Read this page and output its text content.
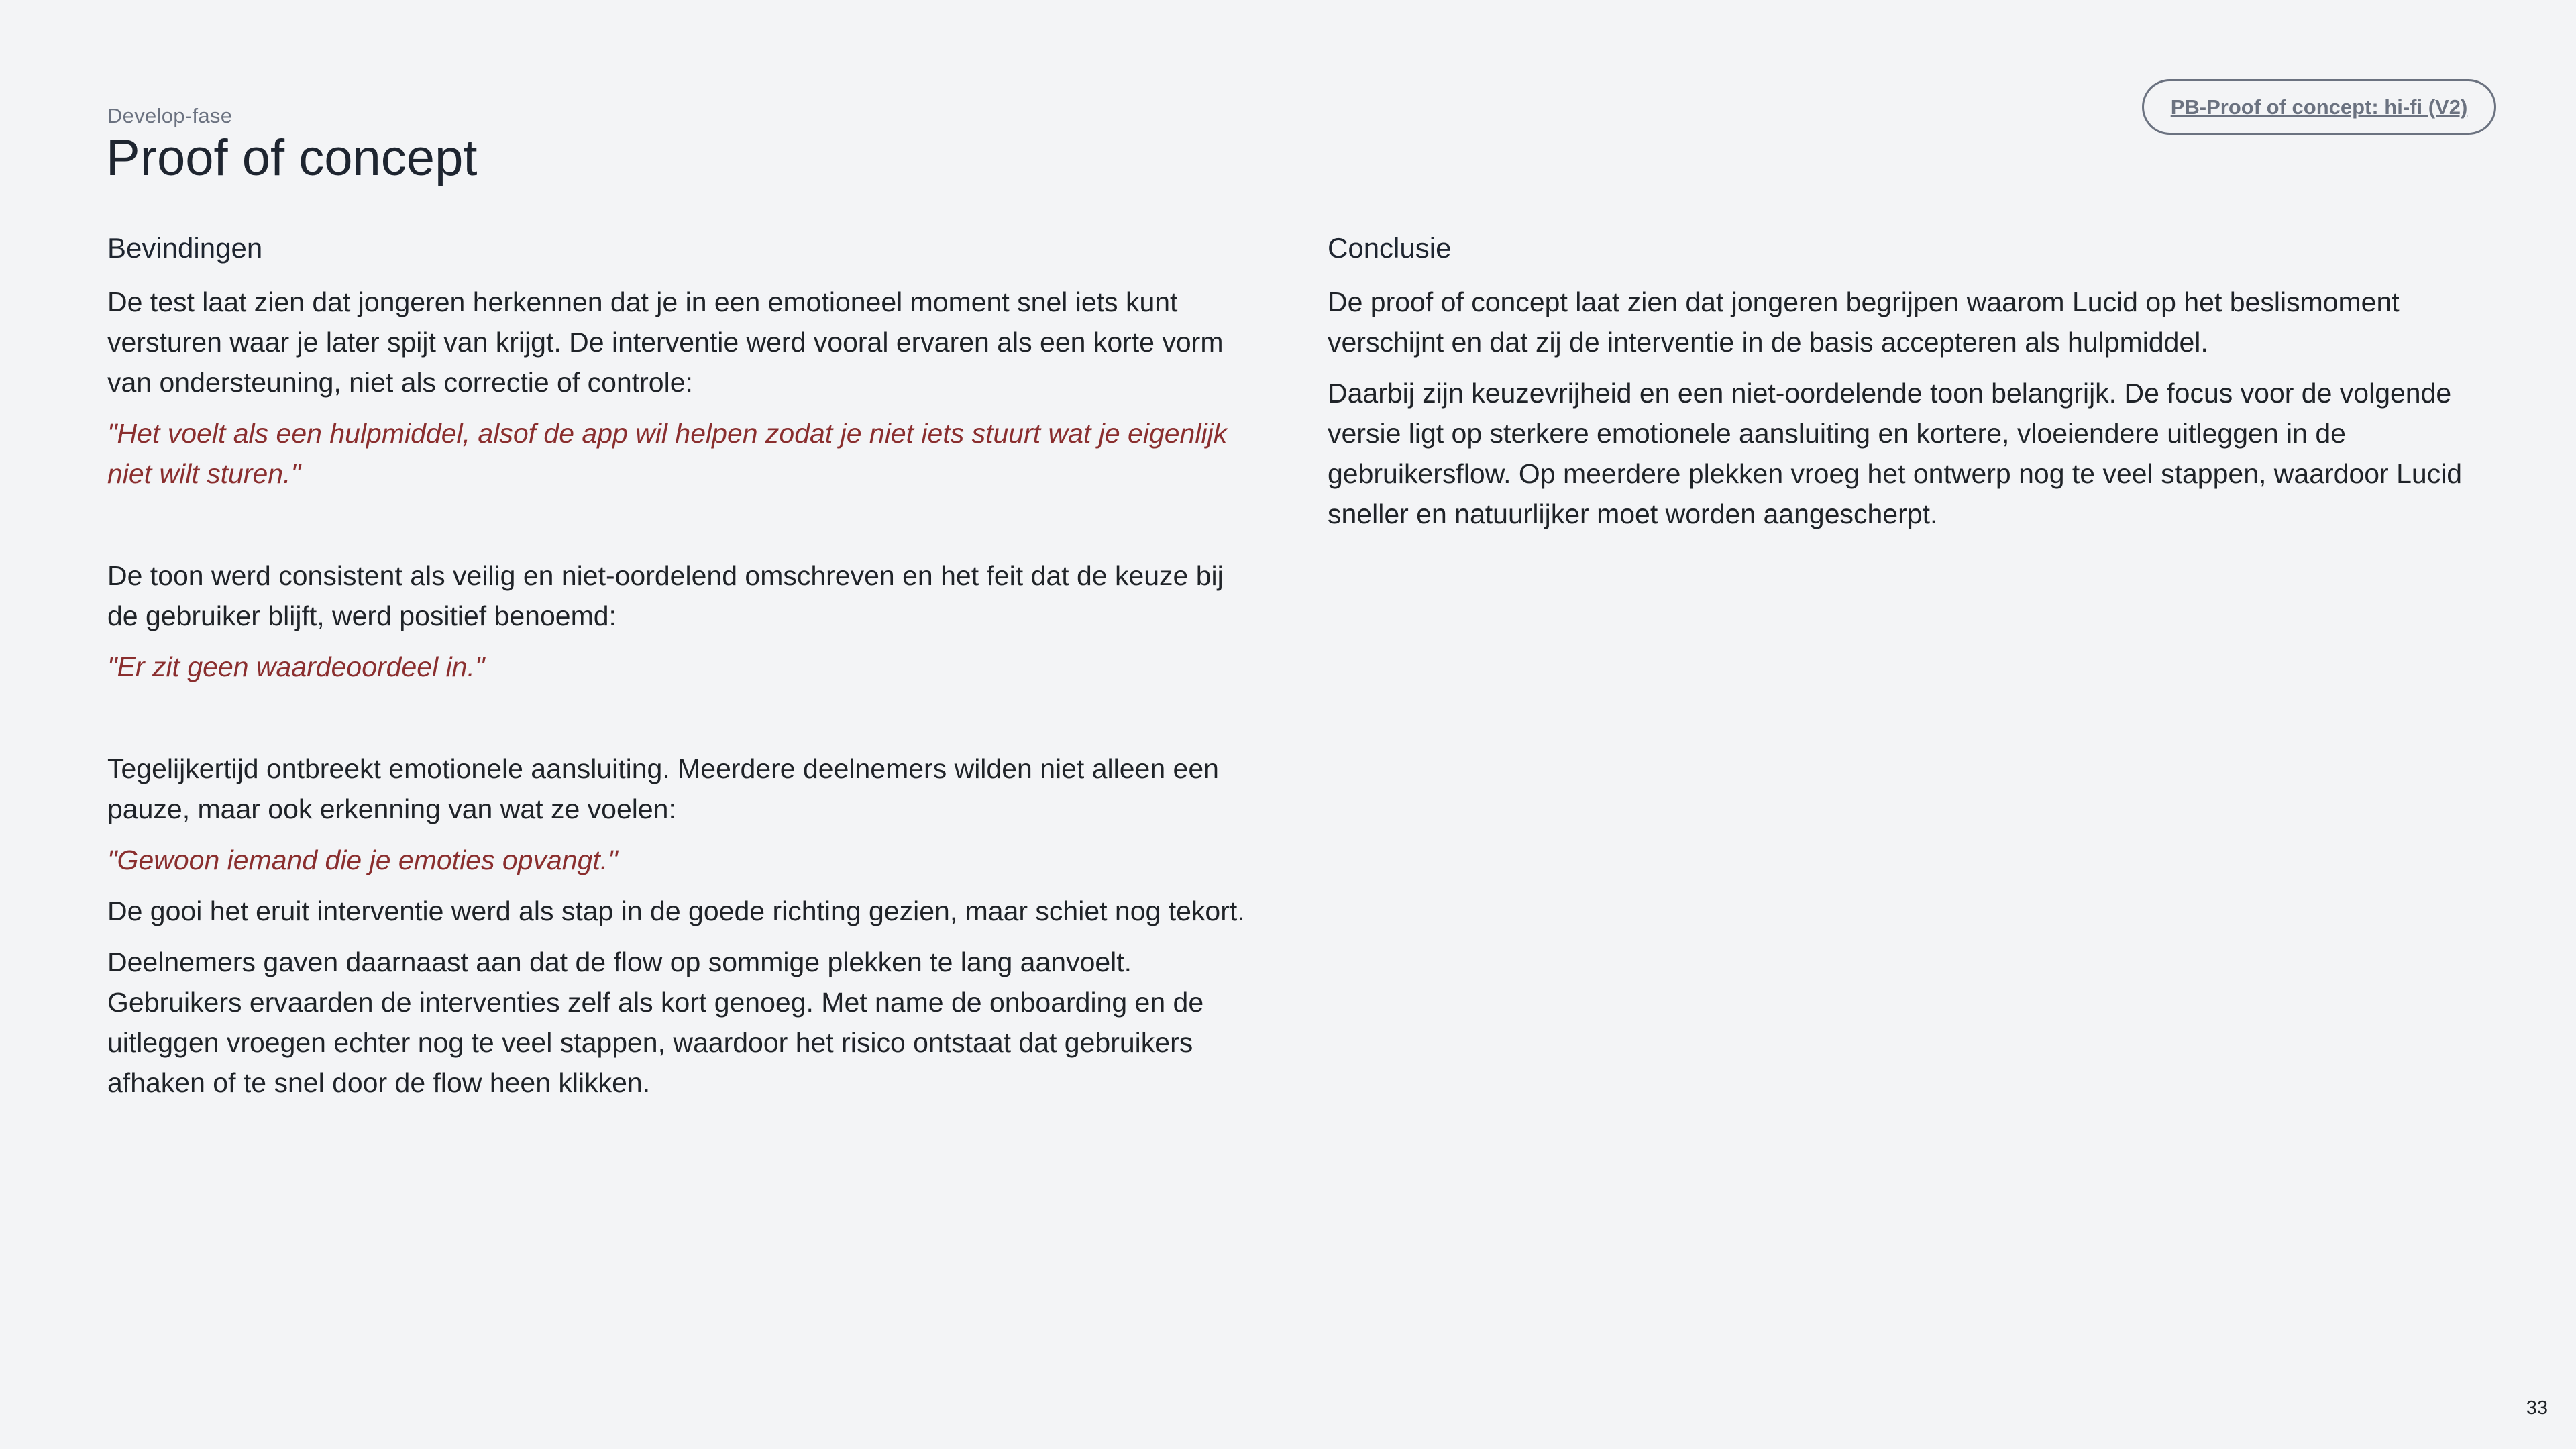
Develop-fase

Proof of concept
PB-Proof of concept: hi-fi (V2)
Bevindingen

De test laat zien dat jongeren herkennen dat je in een emotioneel moment snel iets kunt versturen waar je later spijt van krijgt. De interventie werd vooral ervaren als een korte vorm van ondersteuning, niet als correctie of controle:

"Het voelt als een hulpmiddel, alsof de app wil helpen zodat je niet iets stuurt wat je eigenlijk niet wilt sturen."

De toon werd consistent als veilig en niet-oordelend omschreven en het feit dat de keuze bij de gebruiker blijft, werd positief benoemd:

"Er zit geen waardeoordeel in."

Tegelijkertijd ontbreekt emotionele aansluiting. Meerdere deelnemers wilden niet alleen een pauze, maar ook erkenning van wat ze voelen:

"Gewoon iemand die je emoties opvangt."

De gooi het eruit interventie werd als stap in de goede richting gezien, maar schiet nog tekort.

Deelnemers gaven daarnaast aan dat de flow op sommige plekken te lang aanvoelt. Gebruikers ervaarden de interventies zelf als kort genoeg. Met name de onboarding en de uitleggen vroegen echter nog te veel stappen, waardoor het risico ontstaat dat gebruikers afhaken of te snel door de flow heen klikken.

Conclusie

De proof of concept laat zien dat jongeren begrijpen waarom Lucid op het beslismoment verschijnt en dat zij de interventie in de basis accepteren als hulpmiddel.

Daarbij zijn keuzevrijheid en een niet-oordelende toon belangrijk. De focus voor de volgende versie ligt op sterkere emotionele aansluiting en kortere, vloeiendere uitleggen in de gebruikersflow. Op meerdere plekken vroeg het ontwerp nog te veel stappen, waardoor Lucid sneller en natuurlijker moet worden aangescherpt.

33
